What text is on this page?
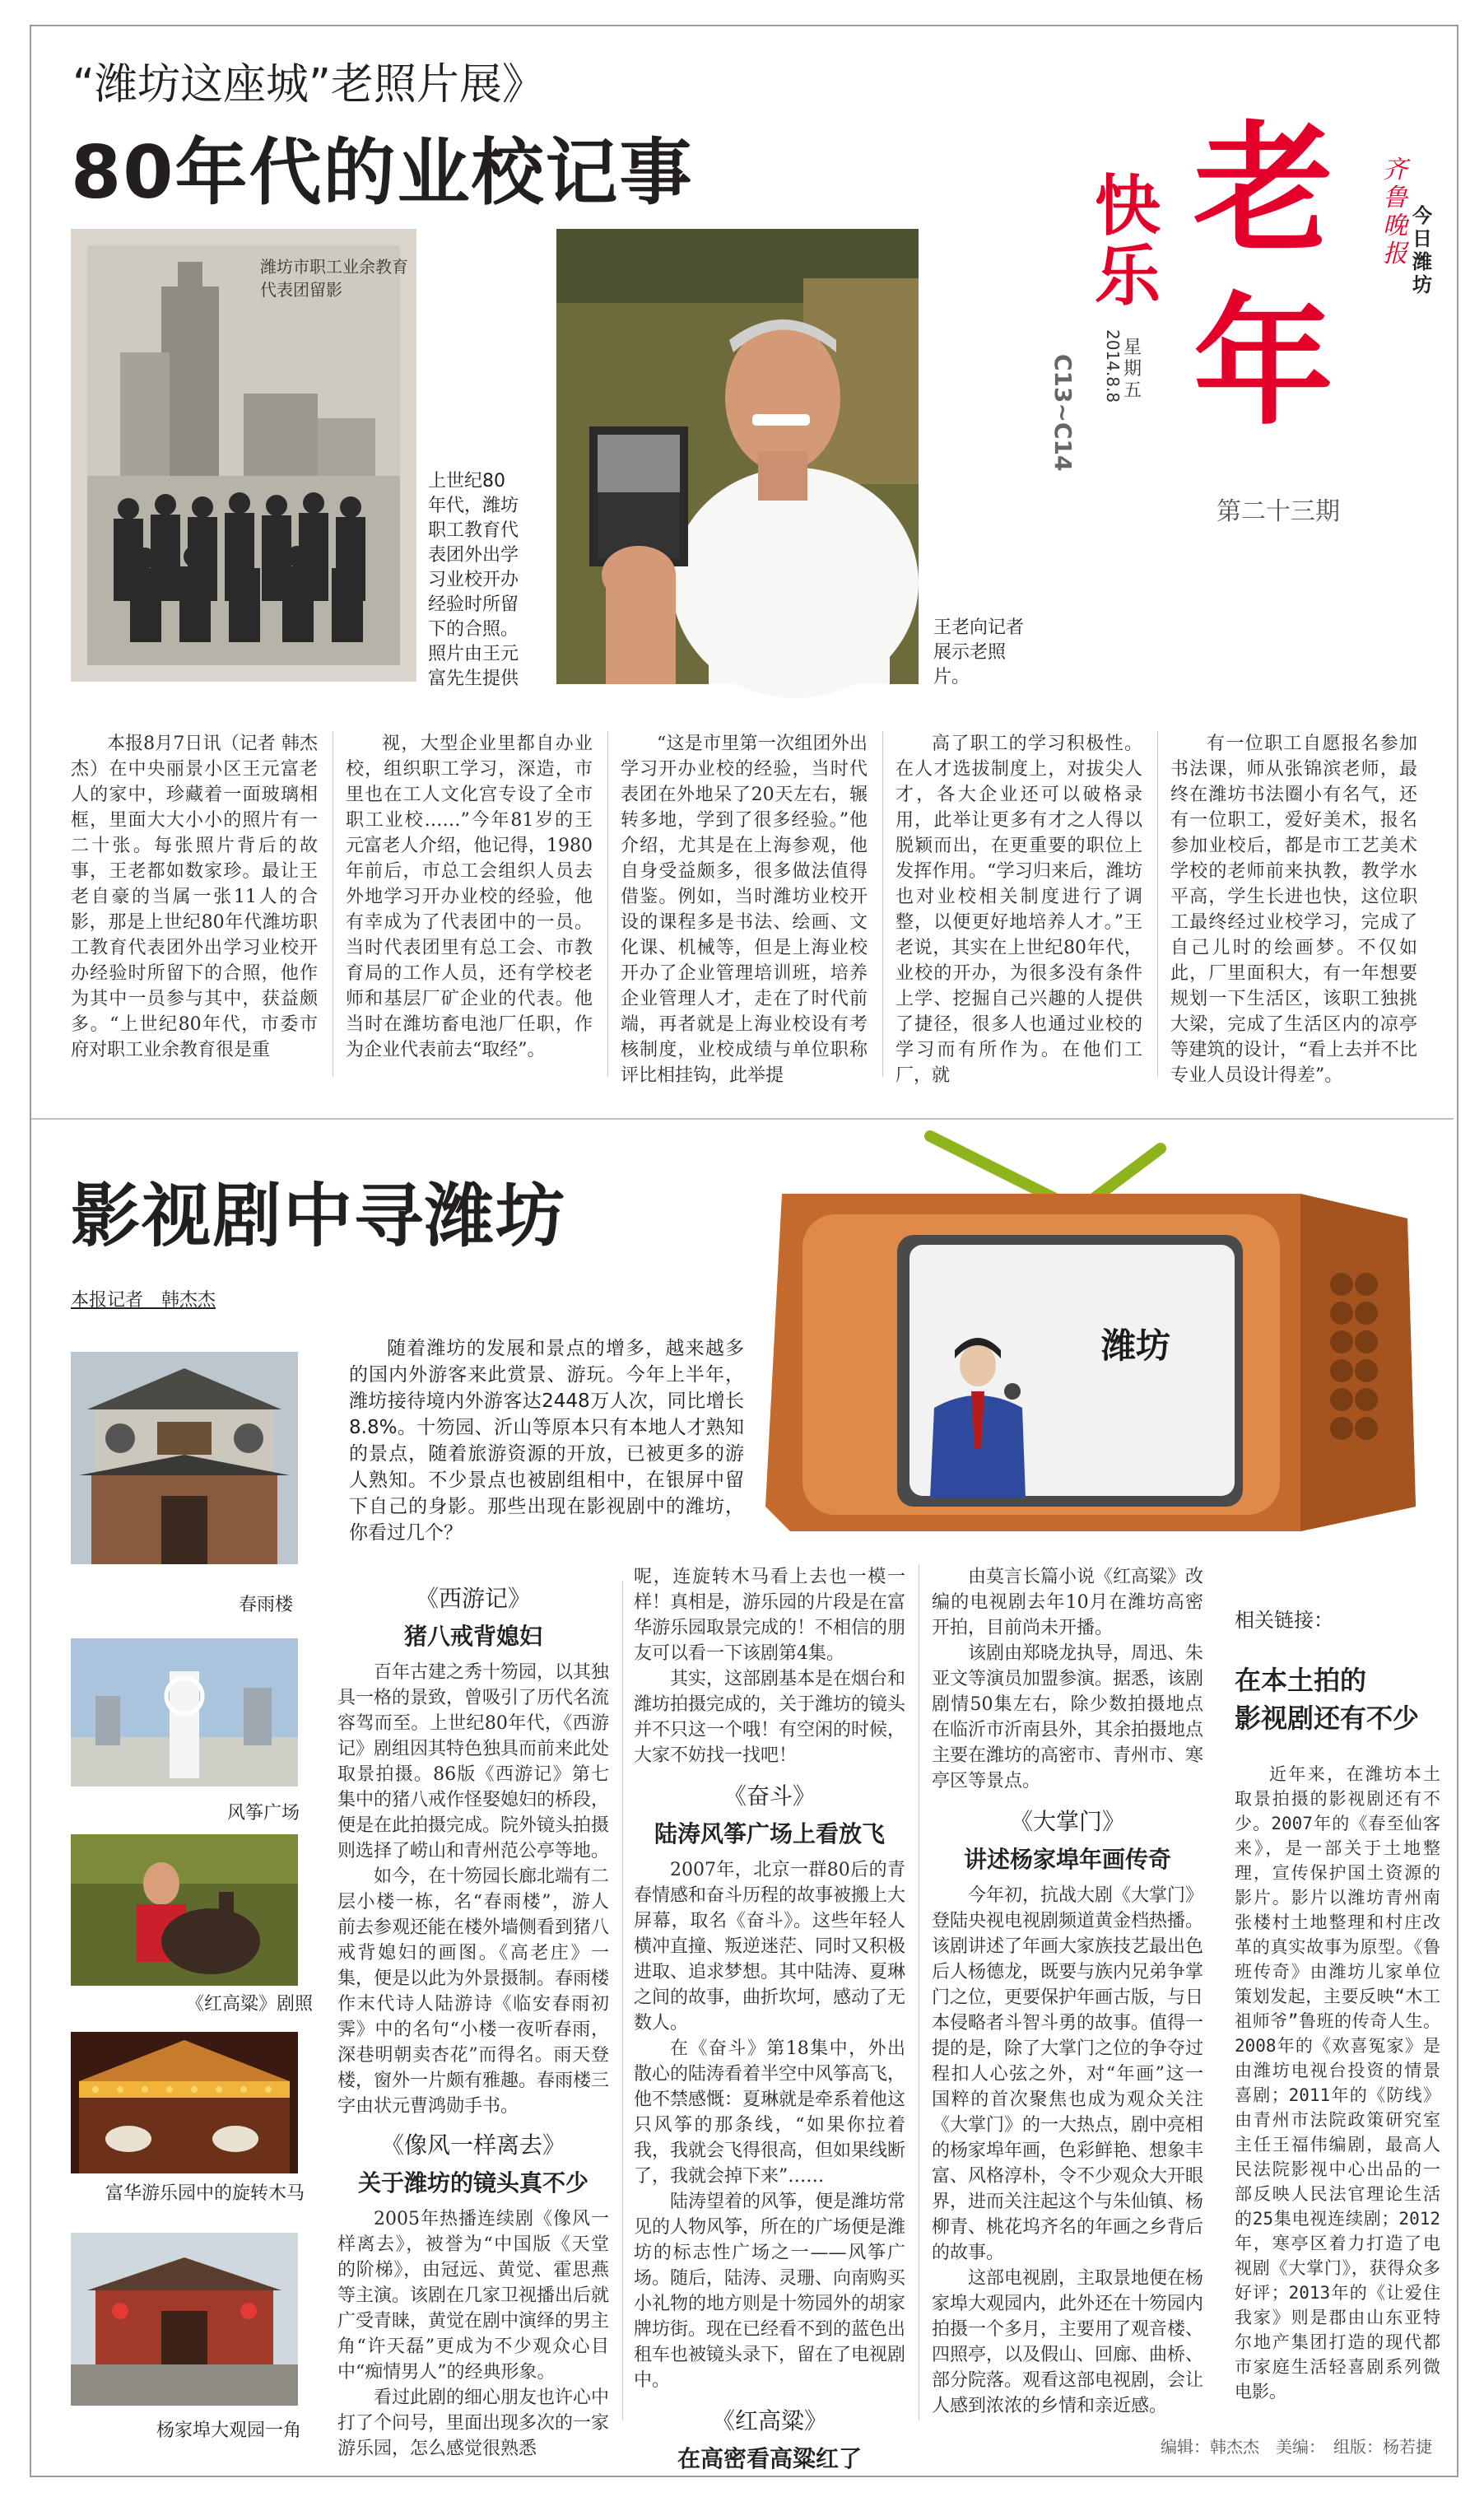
“潍坊这座城”老照片展》
80年代的业校记事
潍坊市职工业余教育代表团留影
上世纪80年代，潍坊职工教育代表团外出学习业校开办经验时所留下的合照。照片由王元富先生提供
王老向记者展示老照片。
老
年
快
乐
齐鲁晚报
今日潍坊
星期五
2014.8.8
C13~C14
第二十三期

本报8月7日讯（记者 韩杰杰）在中央丽景小区王元富老人的家中，珍藏着一面玻璃相框，里面大大小小的照片有一二十张。每张照片背后的故事，王老都如数家珍。最让王老自豪的当属一张11人的合影，那是上世纪80年代潍坊职工教育代表团外出学习业校开办经验时所留下的合照，他作为其中一员参与其中，获益颇多。“上世纪80年代，市委市府对职工业余教育很是重

视，大型企业里都自办业校，组织职工学习，深造，市里也在工人文化宫专设了全市职工业校……”今年81岁的王元富老人介绍，他记得，1980年前后，市总工会组织人员去外地学习开办业校的经验，他有幸成为了代表团中的一员。当时代表团里有总工会、市教育局的工作人员，还有学校老师和基层厂矿企业的代表。他当时在潍坊畜电池厂任职，作为企业代表前去“取经”。

“这是市里第一次组团外出学习开办业校的经验，当时代表团在外地呆了20天左右，辗转多地，学到了很多经验。”他介绍，尤其是在上海参观，他自身受益颇多，很多做法值得借鉴。例如，当时潍坊业校开设的课程多是书法、绘画、文化课、机械等，但是上海业校开办了企业管理培训班，培养企业管理人才，走在了时代前端，再者就是上海业校设有考核制度，业校成绩与单位职称评比相挂钩，此举提

高了职工的学习积极性。在人才选拔制度上，对拔尖人才，各大企业还可以破格录用，此举让更多有才之人得以脱颖而出，在更重要的职位上发挥作用。“学习归来后，潍坊也对业校相关制度进行了调整，以便更好地培养人才。”王老说，其实在上世纪80年代，业校的开办，为很多没有条件上学、挖掘自己兴趣的人提供了捷径，很多人也通过业校的学习而有所作为。在他们工厂，就

有一位职工自愿报名参加书法课，师从张锦滨老师，最终在潍坊书法圈小有名气，还有一位职工，爱好美术，报名参加业校后，都是市工艺美术学校的老师前来执教，教学水平高，学生长进也快，这位职工最终经过业校学习，完成了自己儿时的绘画梦。不仅如此，厂里面积大，有一年想要规划一下生活区，该职工独挑大梁，完成了生活区内的凉亭等建筑的设计，“看上去并不比专业人员设计得差”。

影视剧中寻潍坊
本报记者　韩杰杰
潍坊

随着潍坊的发展和景点的增多，越来越多的国内外游客来此赏景、游玩。今年上半年，潍坊接待境内外游客达2448万人次，同比增长8.8%。十笏园、沂山等原本只有本地人才熟知的景点，随着旅游资源的开放，已被更多的游人熟知。不少景点也被剧组相中，在银屏中留下自己的身影。那些出现在影视剧中的潍坊，你看过几个？

春雨楼
风筝广场
《红高粱》剧照
富华游乐园中的旋转木马
杨家埠大观园一角
《西游记》
猪八戒背媳妇

百年古建之秀十笏园，以其独具一格的景致，曾吸引了历代名流容驾而至。上世纪80年代，《西游记》剧组因其特色独具而前来此处取景拍摄。86版《西游记》第七集中的猪八戒作怪娶媳妇的桥段，便是在此拍摄完成。院外镜头拍摄则选择了崂山和青州范公亭等地。

如今，在十笏园长廊北端有二层小楼一栋，名“春雨楼”，游人前去参观还能在楼外墙侧看到猪八戒背媳妇的画图。《高老庄》一集，便是以此为外景摄制。春雨楼作末代诗人陆游诗《临安春雨初霁》中的名句“小楼一夜听春雨，深巷明朝卖杏花”而得名。雨天登楼，窗外一片颇有雅趣。春雨楼三字由状元曹鸿勋手书。

《像风一样离去》
关于潍坊的镜头真不少

2005年热播连续剧《像风一样离去》，被誉为“中国版《天堂的阶梯》，由冠远、黄觉、霍思燕等主演。该剧在几家卫视播出后就广受青睐，黄觉在剧中演绎的男主角“许天磊”更成为不少观众心目中“痴情男人”的经典形象。

看过此剧的细心朋友也许心中打了个问号，里面出现多次的一家游乐园，怎么感觉很熟悉

呢，连旋转木马看上去也一模一样！真相是，游乐园的片段是在富华游乐园取景完成的！不相信的朋友可以看一下该剧第4集。

其实，这部剧基本是在烟台和潍坊拍摄完成的，关于潍坊的镜头并不只这一个哦！有空闲的时候，大家不妨找一找吧！

《奋斗》
陆涛风筝广场上看放飞

2007年，北京一群80后的青春情感和奋斗历程的故事被搬上大屏幕，取名《奋斗》。这些年轻人横冲直撞、叛逆迷茫、同时又积极进取、追求梦想。其中陆涛、夏琳之间的故事，曲折坎坷，感动了无数人。

在《奋斗》第18集中，外出散心的陆涛看着半空中风筝高飞，他不禁感慨：夏琳就是牵系着他这只风筝的那条线，“如果你拉着我，我就会飞得很高，但如果线断了，我就会掉下来”……

陆涛望着的风筝，便是潍坊常见的人物风筝，所在的广场便是潍坊的标志性广场之一——风筝广场。随后，陆涛、灵珊、向南购买小礼物的地方则是十笏园外的胡家牌坊街。现在已经看不到的蓝色出租车也被镜头录下，留在了电视剧中。

《红高粱》
在高密看高粱红了

由莫言长篇小说《红高粱》改编的电视剧去年10月在潍坊高密开拍，目前尚未开播。

该剧由郑晓龙执导，周迅、朱亚文等演员加盟参演。据悉，该剧剧情50集左右，除少数拍摄地点在临沂市沂南县外，其余拍摄地点主要在潍坊的高密市、青州市、寒亭区等景点。

《大掌门》
讲述杨家埠年画传奇

今年初，抗战大剧《大掌门》登陆央视电视剧频道黄金档热播。该剧讲述了年画大家族技艺最出色后人杨德龙，既要与族内兄弟争掌门之位，更要保护年画古版，与日本侵略者斗智斗勇的故事。值得一提的是，除了大掌门之位的争夺过程扣人心弦之外，对“年画”这一国粹的首次聚焦也成为观众关注《大掌门》的一大热点，剧中亮相的杨家埠年画，色彩鲜艳、想象丰富、风格淳朴，令不少观众大开眼界，进而关注起这个与朱仙镇、杨柳青、桃花坞齐名的年画之乡背后的故事。

这部电视剧，主取景地便在杨家埠大观园内，此外还在十笏园内拍摄一个多月，主要用了观音楼、四照亭，以及假山、回廊、曲桥、部分院落。观看这部电视剧，会让人感到浓浓的乡情和亲近感。

相关链接：
在本土拍的
影视剧还有不少

近年来，在潍坊本土取景拍摄的影视剧还有不少。2007年的《春至仙客来》，是一部关于土地整理，宣传保护国土资源的影片。影片以潍坊青州南张楼村土地整理和村庄改革的真实故事为原型。《鲁班传奇》由潍坊儿家单位策划发起，主要反映“木工祖师爷”鲁班的传奇人生。2008年的《欢喜冤家》是由潍坊电视台投资的情景喜剧；2011年的《防线》由青州市法院政策研究室主任王福伟编剧，最高人民法院影视中心出品的一部反映人民法官理论生活的25集电视连续剧；2012年，寒亭区着力打造了电视剧《大掌门》，获得众多好评；2013年的《让爱住我家》则是郡由山东亚特尔地产集团打造的现代都市家庭生活轻喜剧系列微电影。

编辑：韩杰杰　美编：　组版：杨若捷
